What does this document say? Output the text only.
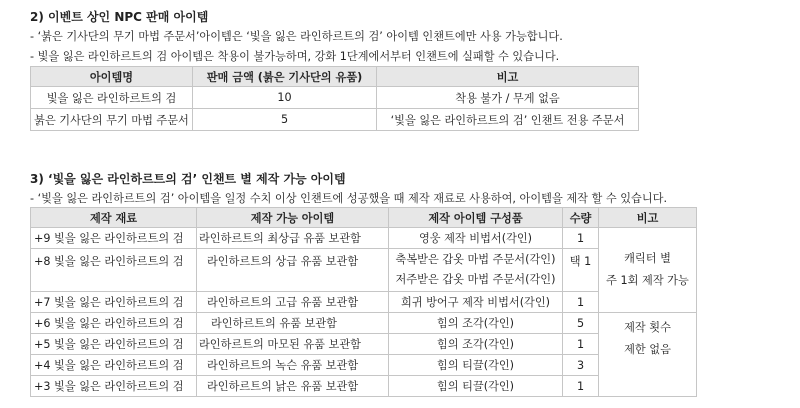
2) 이벤트 상인 NPC 판매 아이템
- ‘붉은 기사단의 무기 마법 주문서’아이템은 ‘빛을 잃은 라인하르트의 검’ 아이템 인챈트에만 사용 가능합니다.
- 빛을 잃은 라인하르트의 검 아이템은 착용이 불가능하며, 강화 1단계에서부터 인챈트에 실패할 수 있습니다.
아이템명	판매 금액 (붉은 기사단의 유품)	비고
빛을 잃은 라인하르트의 검	10	착용 불가 / 무게 없음
붉은 기사단의 무기 마법 주문서	5	‘빛을 잃은 라인하르트의 검’ 인챈트 전용 주문서
3) ‘빛을 잃은 라인하르트의 검’ 인챈트 별 제작 가능 아이템
- ‘빛을 잃은 라인하르트의 검’ 아이템을 일정 수치 이상 인챈트에 성공했을 때 제작 재료로 사용하여, 아이템을 제작 할 수 있습니다.
제작 재료	제작 가능 아이템	제작 아이템 구성품	수량	비고
+9 빛을 잃은 라인하르트의 검	라인하르트의 최상급 유품 보관함	영웅 제작 비법서(각인)	1	캐릭터 별
주 1회 제작 가능

+8 빛을 잃은 라인하르트의 검	라인하르트의 상급 유품 보관함	축복받은 갑옷 마법 주문서(각인)
저주받은 갑옷 마법 주문서(각인)	택 1	
+7 빛을 잃은 라인하르트의 검	라인하르트의 고급 유품 보관함	희귀 방어구 제작 비법서(각인)	1	
+6 빛을 잃은 라인하르트의 검	라인하르트의 유품 보관함	힘의 조각(각인)	5	제작 횟수
제한 없음

+5 빛을 잃은 라인하르트의 검	라인하르트의 마모된 유품 보관함	힘의 조각(각인)	1	
+4 빛을 잃은 라인하르트의 검	라인하르트의 녹슨 유품 보관함	힘의 티끌(각인)	3	
+3 빛을 잃은 라인하르트의 검	라인하르트의 낡은 유품 보관함	힘의 티끌(각인)	1	
